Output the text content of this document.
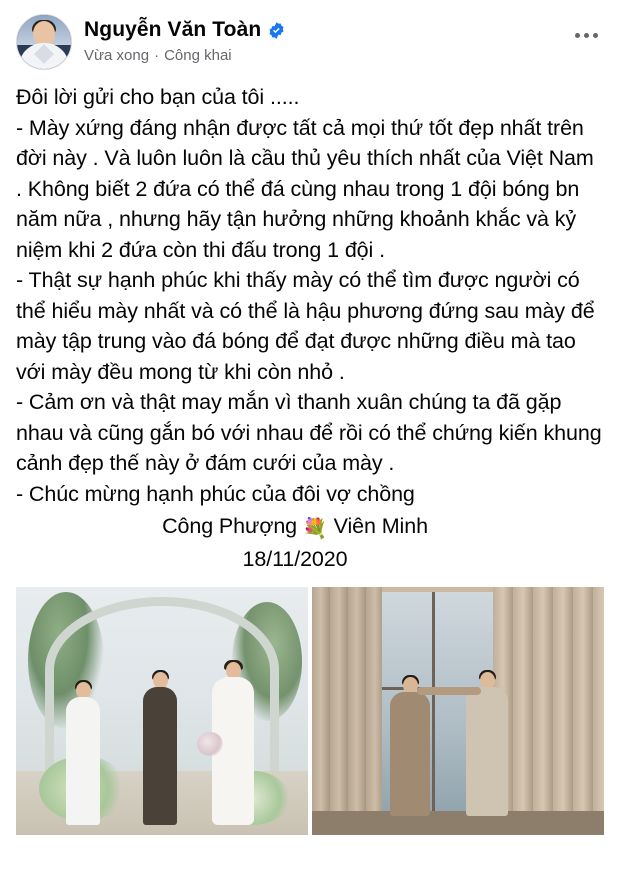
Nguyễn Văn Toàn
Vừa xong · Công khai

Đôi lời gửi cho bạn của tôi .....

- Mày xứng đáng nhận được tất cả mọi thứ tốt đẹp nhất trên đời này . Và luôn luôn là cầu thủ yêu thích nhất của Việt Nam . Không biết 2 đứa có thể đá cùng nhau trong 1 đội bóng bn năm nữa , nhưng hãy tận hưởng những khoảnh khắc và kỷ niệm khi 2 đứa còn thi đấu trong 1 đội .

- Thật sự hạnh phúc khi thấy mày có thể tìm được người có thể hiểu mày nhất và có thể là hậu phương đứng sau mày để mày tập trung vào đá bóng để đạt được những điều mà tao với mày đều mong từ khi còn nhỏ .

- Cảm ơn và thật may mắn vì thanh xuân chúng ta đã gặp nhau và cũng gắn bó với nhau để rồi có thể chứng kiến khung cảnh đẹp thế này ở đám cưới của mày .

- Chúc mừng hạnh phúc của đôi vợ chồng

Công Phượng 💐 Viên Minh
18/11/2020
